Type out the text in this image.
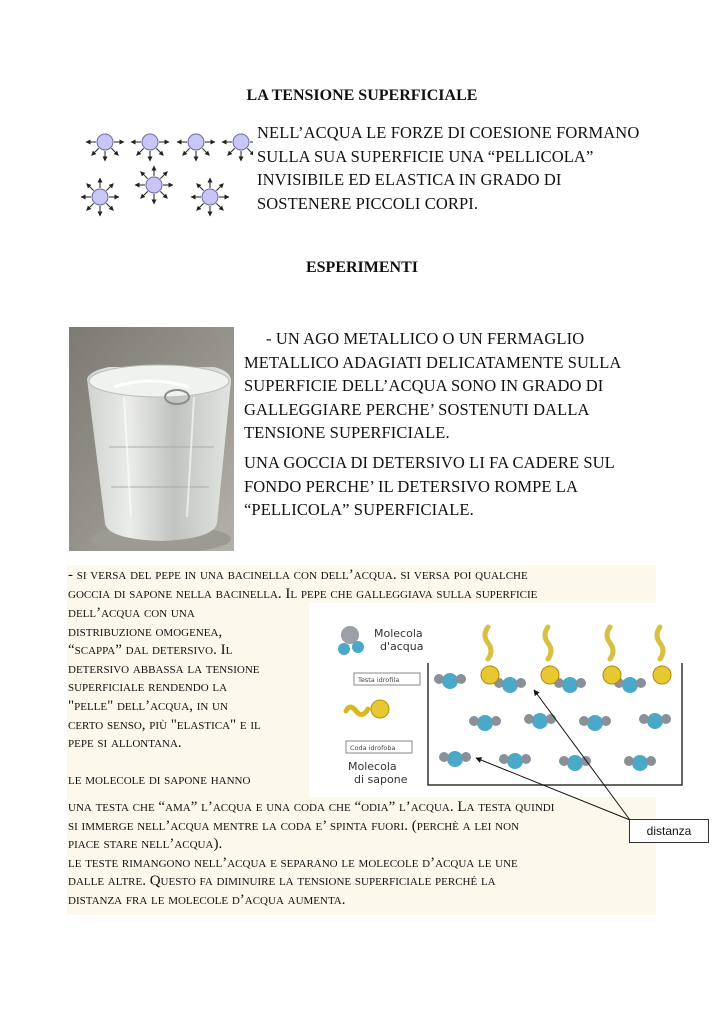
LA TENSIONE SUPERFICIALE
NELL’ACQUA LE FORZE DI COESIONE FORMANO
SULLA SUA SUPERFICIE UNA “PELLICOLA”
INVISIBILE ED ELASTICA IN GRADO DI
SOSTENERE PICCOLI CORPI.
ESPERIMENTI
- UN AGO METALLICO O UN FERMAGLIO
METALLICO ADAGIATI DELICATAMENTE SULLA
SUPERFICIE DELL’ACQUA SONO IN GRADO DI
GALLEGGIARE PERCHE’ SOSTENUTI DALLA
TENSIONE SUPERFICIALE.
UNA GOCCIA DI DETERSIVO LI FA CADERE SUL
FONDO PERCHE’ IL DETERSIVO ROMPE LA
“PELLICOLA” SUPERFICIALE.
- si versa del pepe in una bacinella con dell’acqua. si versa poi qualche
goccia di sapone nella bacinella. Il pepe che galleggiava sulla superficie
dell’acqua con una
distribuzione omogenea,
“scappa” dal detersivo. Il
detersivo abbassa la tensione
superficiale rendendo la
"pelle" dell’acqua, in un
certo senso, più "elastica" e il
pepe si allontana.
le molecole di sapone hanno
una testa che “ama” l’acqua e una coda che “odia” l’acqua. La testa quindi
si immerge nell’acqua mentre la coda e’ spinta fuori. (perchè a lei non
piace stare nell’acqua).
le teste rimangono nell’acqua e separano le molecole d’acqua le une
dalle altre. Questo fa diminuire la tensione superficiale perché la
distanza fra le molecole d’acqua aumenta.
Molecola
d'acqua
Testa idrofila
Coda idrofoba
Molecola
di sapone
distanza
